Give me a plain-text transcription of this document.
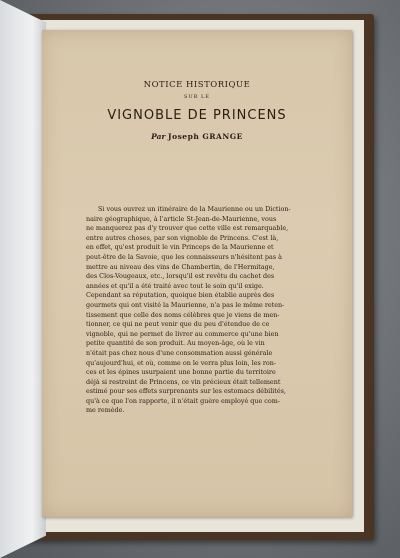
NOTICE HISTORIQUE
SUR LE
VIGNOBLE DE PRINCENS
Par Joseph GRANGE
Si vous ouvrez un itinéraire de la Maurienne ou un Diction-
naire géographique, à l'article St-Jean-de-Maurienne, vous
ne manquerez pas d'y trouver que cette ville est remarquable,
entre autres choses, par son vignoble de Princens. C'est là,
en effet, qu'est produit le vin Princeps de la Maurienne et
peut-être de la Savoie, que les connaisseurs n'hésitent pas à
mettre au niveau des vins de Chambertin, de l'Hermitage,
des Clos-Vougeaux, etc., lorsqu'il est revêtu du cachet des
années et qu'il a été traité avec tout le soin qu'il exige.
Cependant sa réputation, quoique bien établie auprès des
gourmets qui ont visité la Maurienne, n'a pas le même reten-
tissement que celle des noms célèbres que je viens de men-
tionner, ce qui ne peut venir que du peu d'étendue de ce
vignoble, qui ne permet de livrer au commerce qu'une bien
petite quantité de son produit. Au moyen-âge, où le vin
n'était pas chez nous d'une consommation aussi générale
qu'aujourd'hui, et où, comme on le verra plus loin, les ron-
ces et les épines usurpaient une bonne partie du territoire
déjà si restreint de Princens, ce vin précieux était tellement
estimé pour ses effets surprenants sur les estomacs débilités,
qu'à ce que l'on rapporte, il n'était guère employé que com-
me remède.
